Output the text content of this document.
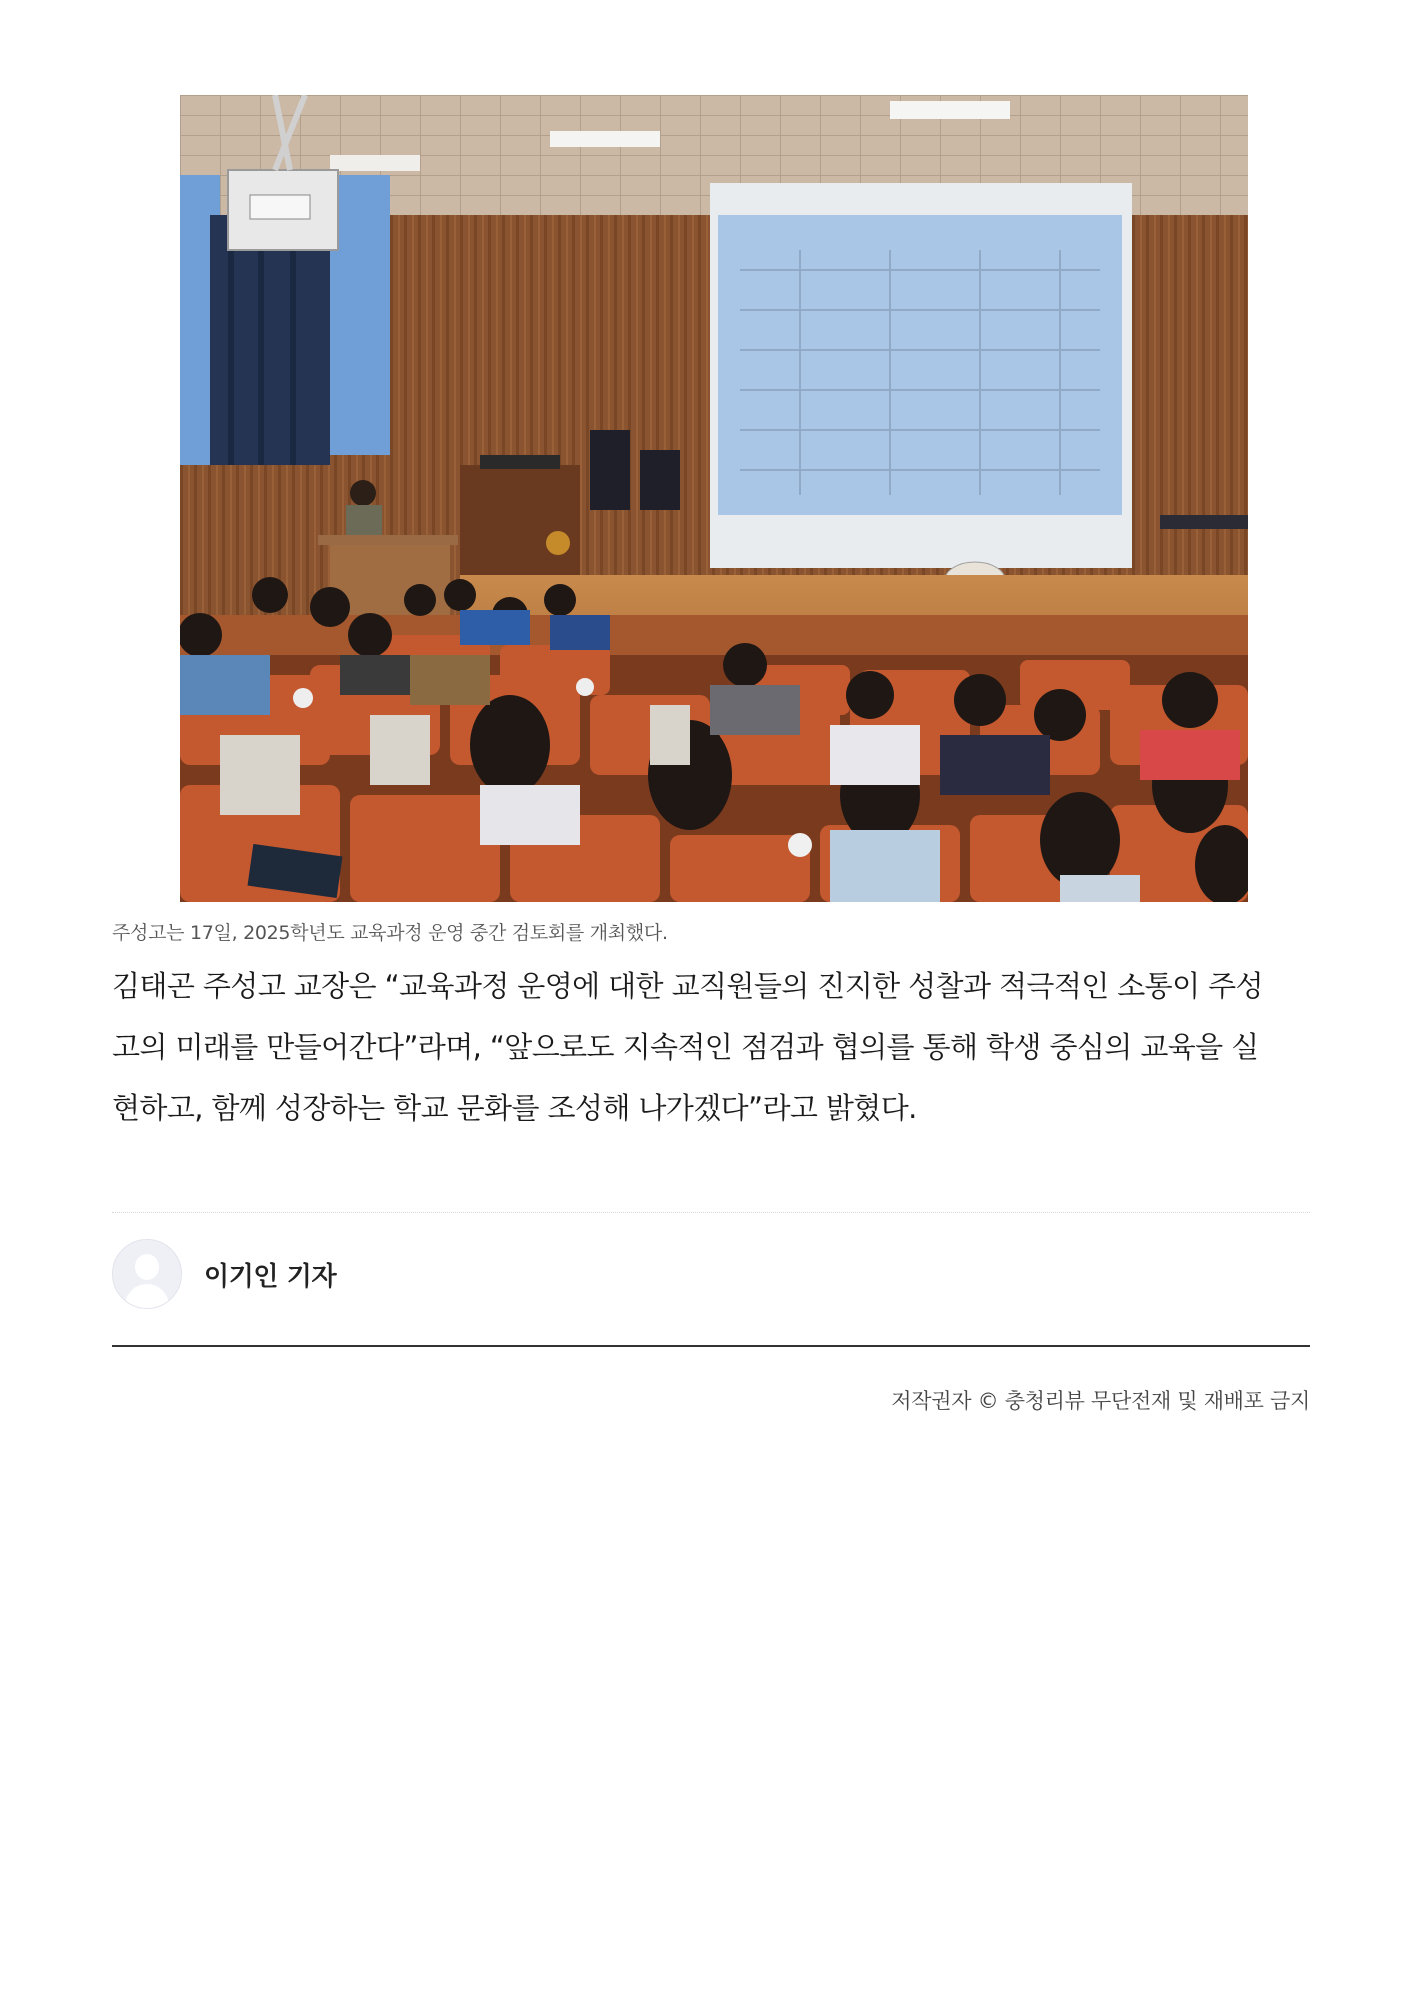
주성고는 17일, 2025학년도 교육과정 운영 중간 검토회를 개최했다.
김태곤 주성고 교장은 “교육과정 운영에 대한 교직원들의 진지한 성찰과 적극적인 소통이 주성
고의 미래를 만들어간다”라며, “앞으로도 지속적인 점검과 협의를 통해 학생 중심의 교육을 실
현하고, 함께 성장하는 학교 문화를 조성해 나가겠다”라고 밝혔다.
이기인 기자
저작권자 © 충청리뷰 무단전재 및 재배포 금지
